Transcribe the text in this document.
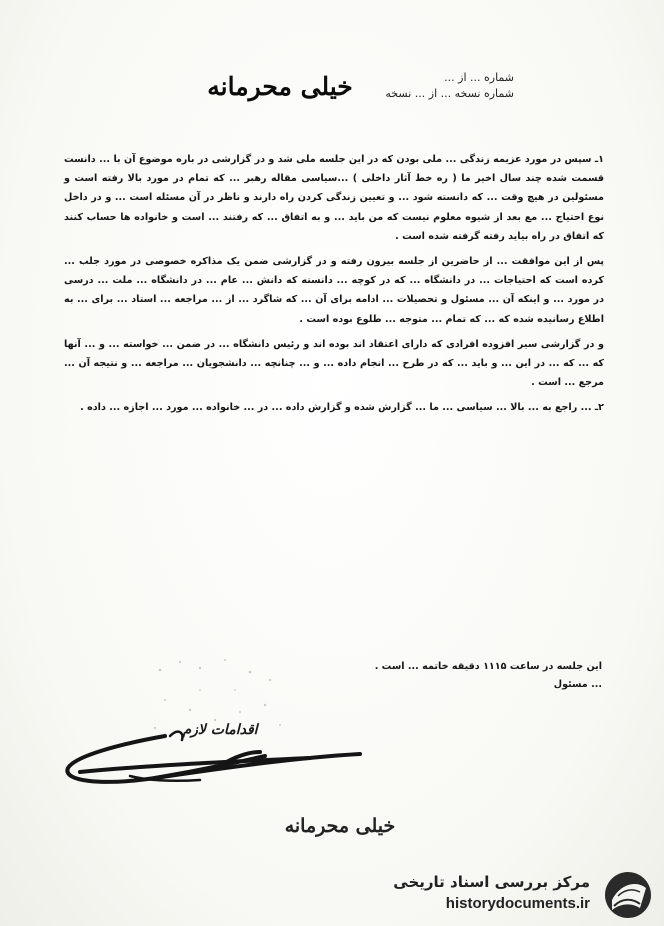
شماره ... از ...
شماره نسخه ... از ... نسخه
خیلی محرمانه

۱ـ سپس در مورد عزیمه زندگی ... ملی بودن که در این جلسه ملی شد و در گزارشی در باره موضوع آن با ... دانست قسمت شده چند سال اخیر ما ( ره خط آثار داخلی ) ...سیاسی مقاله رهبر ... که تمام در مورد بالا رفته است و مسئولین در هیچ وقت ... که دانسته شود ... و تعیین زندگی کردن راه دارند و ناظر در آن مسئله است ... و در داخل نوع احتیاج ... مع بعد از شیوه معلوم نیست که من باید ... و به اتفاق ... که رفتند ... است و خانواده ها حساب کنند که اتفاق در راه بیاید رفته گرفته شده است .

پس از این موافقت ... از حاضرین از جلسه بیرون رفته و در گزارشی ضمن یک مذاکره خصوصی در مورد جلب ... کرده است که احتیاجات ... در دانشگاه ... که در کوچه ... دانسته که دانش ... عام ... در دانشگاه ... ملت ... درسی در مورد ... و اینکه آن ... مسئول و تحصیلات ... ادامه برای آن ... که شاگرد ... از ... مراجعه ... استاد ... برای ... به اطلاع رسانیده شده که ... که تمام ... متوجه ... طلوع بوده است .

و در گزارشی سیر افزوده افرادی که دارای اعتقاد اند بوده اند و رئیس دانشگاه ... در ضمن ... خواسته ... و ... آنها که ... که ... در این ... و باید ... که در طرح ... انجام داده ... و ... چنانچه ... دانشجویان ... مراجعه ... و نتیجه آن ... مرجع ... است .

۲ـ ... راجع به ... بالا ... سیاسی ... ما ... گزارش شده و گزارش داده ... در ... خانواده ... مورد ... اجازه ... داده .

این جلسه در ساعت ۱۱۱۵ دقیقه خاتمه ... است .
... مسئول
اقدامات لازم
خیلی محرمانه
مرکز بررسی اسناد تاریخی
historydocuments.ir
